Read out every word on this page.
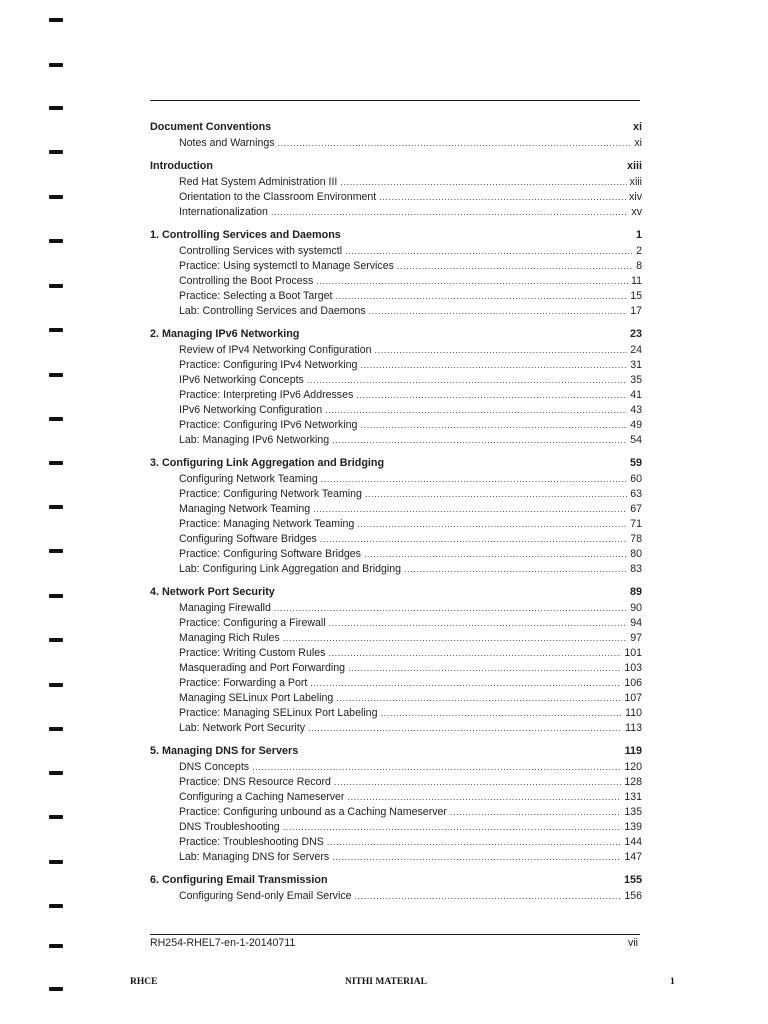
Document Conventions	xi
Notes and Warnings .....	xi
Introduction	xiii
Red Hat System Administration III .....	xiii
Orientation to the Classroom Environment .....	xiv
Internationalization .....	xv
1. Controlling Services and Daemons	1
Controlling Services with systemctl .....	2
Practice: Using systemctl to Manage Services .....	8
Controlling the Boot Process .....	11
Practice: Selecting a Boot Target .....	15
Lab: Controlling Services and Daemons .....	17
2. Managing IPv6 Networking	23
Review of IPv4 Networking Configuration .....	24
Practice: Configuring IPv4 Networking .....	31
IPv6 Networking Concepts .....	35
Practice: Interpreting IPv6 Addresses .....	41
IPv6 Networking Configuration .....	43
Practice: Configuring IPv6 Networking .....	49
Lab: Managing IPv6 Networking .....	54
3. Configuring Link Aggregation and Bridging	59
Configuring Network Teaming .....	60
Practice: Configuring Network Teaming .....	63
Managing Network Teaming .....	67
Practice: Managing Network Teaming .....	71
Configuring Software Bridges .....	78
Practice: Configuring Software Bridges .....	80
Lab: Configuring Link Aggregation and Bridging .....	83
4. Network Port Security	89
Managing Firewalld .....	90
Practice: Configuring a Firewall .....	94
Managing Rich Rules .....	97
Practice: Writing Custom Rules .....	101
Masquerading and Port Forwarding .....	103
Practice: Forwarding a Port .....	106
Managing SELinux Port Labeling .....	107
Practice: Managing SELinux Port Labeling .....	110
Lab: Network Port Security .....	113
5. Managing DNS for Servers	119
DNS Concepts .....	120
Practice: DNS Resource Record .....	128
Configuring a Caching Nameserver .....	131
Practice: Configuring unbound as a Caching Nameserver .....	135
DNS Troubleshooting .....	139
Practice: Troubleshooting DNS .....	144
Lab: Managing DNS for Servers .....	147
6. Configuring Email Transmission	155
Configuring Send-only Email Service .....	156
RH254-RHEL7-en-1-20140711	vii
RHCE	NITHI MATERIAL	1
